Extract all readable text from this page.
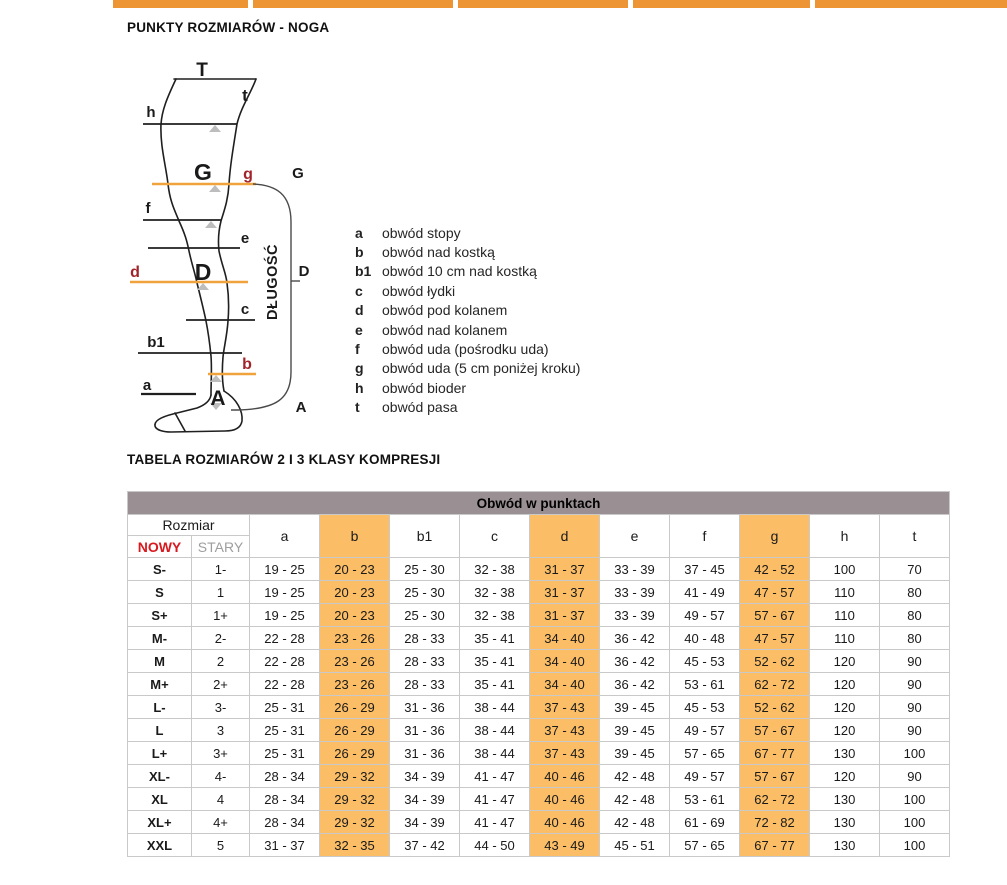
PUNKTY ROZMIARÓW - NOGA
T
t
h
G g
f
e
d D
c
b1
b
a
A
G
D
A
DŁUGOŚĆ
a	obwód stopy
b	obwód nad kostką
b1 obwód 10 cm nad kostką
c	obwód łydki
d	obwód pod kolanem
e	obwód nad kolanem
f	obwód uda (pośrodku uda)
g	obwód uda (5 cm poniżej kroku)
h	obwód bioder
t	obwód pasa
TABELA ROZMIARÓW 2 I 3 KLASY KOMPRESJI
Obwód w punktach											
Rozmiar		a	b	b1	c	d	e	f	g	h	t
NOWY	STARY										
S-	1-	19 - 25	20 - 23	25 - 30	32 - 38	31 - 37	33 - 39	37 - 45	42 - 52	100	70
S	1	19 - 25	20 - 23	25 - 30	32 - 38	31 - 37	33 - 39	41 - 49	47 - 57	110	80
S+	1+	19 - 25	20 - 23	25 - 30	32 - 38	31 - 37	33 - 39	49 - 57	57 - 67	110	80
M-	2-	22 - 28	23 - 26	28 - 33	35 - 41	34 - 40	36 - 42	40 - 48	47 - 57	110	80
M	2	22 - 28	23 - 26	28 - 33	35 - 41	34 - 40	36 - 42	45 - 53	52 - 62	120	90
M+	2+	22 - 28	23 - 26	28 - 33	35 - 41	34 - 40	36 - 42	53 - 61	62 - 72	120	90
L-	3-	25 - 31	26 - 29	31 - 36	38 - 44	37 - 43	39 - 45	45 - 53	52 - 62	120	90
L	3	25 - 31	26 - 29	31 - 36	38 - 44	37 - 43	39 - 45	49 - 57	57 - 67	120	90
L+	3+	25 - 31	26 - 29	31 - 36	38 - 44	37 - 43	39 - 45	57 - 65	67 - 77	130	100
XL-	4-	28 - 34	29 - 32	34 - 39	41 - 47	40 - 46	42 - 48	49 - 57	57 - 67	120	90
XL	4	28 - 34	29 - 32	34 - 39	41 - 47	40 - 46	42 - 48	53 - 61	62 - 72	130	100
XL+	4+	28 - 34	29 - 32	34 - 39	41 - 47	40 - 46	42 - 48	61 - 69	72 - 82	130	100
XXL	5	31 - 37	32 - 35	37 - 42	44 - 50	43 - 49	45 - 51	57 - 65	67 - 77	130	100
